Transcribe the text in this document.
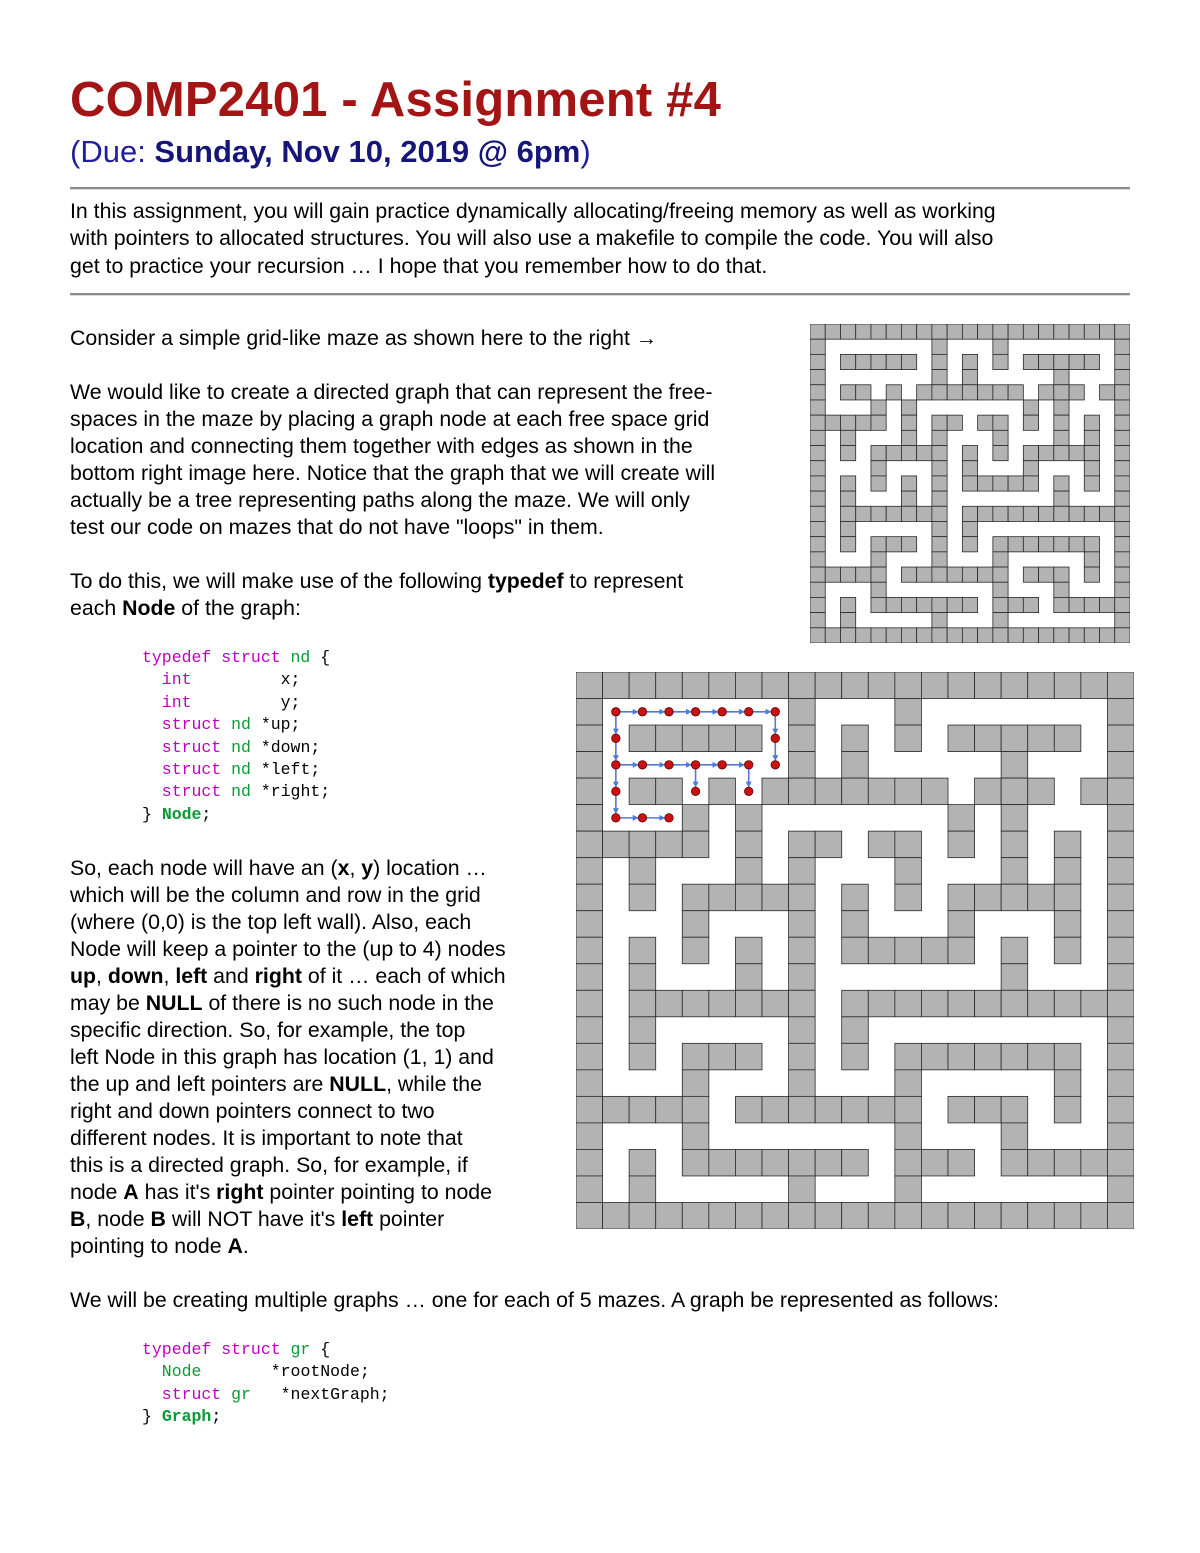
COMP2401 - Assignment #4
(Due: Sunday, Nov 10, 2019 @ 6pm)
In this assignment, you will gain practice dynamically allocating/freeing memory as well as working
with pointers to allocated structures. You will also use a makefile to compile the code. You will also
get to practice your recursion … I hope that you remember how to do that.
Consider a simple grid-like maze as shown here to the right →
We would like to create a directed graph that can represent the free-
spaces in the maze by placing a graph node at each free space grid
location and connecting them together with edges as shown in the
bottom right image here. Notice that the graph that we will create will
actually be a tree representing paths along the maze. We will only
test our code on mazes that do not have "loops" in them.
To do this, we will make use of the following typedef to represent
each Node of the graph:
typedef struct nd {
int         x;
int         y;
struct nd *up;
struct nd *down;
struct nd *left;
struct nd *right;
} Node;
So, each node will have an (x, y) location …
which will be the column and row in the grid
(where (0,0) is the top left wall). Also, each
Node will keep a pointer to the (up to 4) nodes
up, down, left and right of it … each of which
may be NULL of there is no such node in the
specific direction. So, for example, the top
left Node in this graph has location (1, 1) and
the up and left pointers are NULL, while the
right and down pointers connect to two
different nodes. It is important to note that
this is a directed graph. So, for example, if
node A has it's right pointer pointing to node
B, node B will NOT have it's left pointer
pointing to node A.
We will be creating multiple graphs … one for each of 5 mazes. A graph be represented as follows:
typedef struct gr {
Node       *rootNode;
struct gr   *nextGraph;
} Graph;
